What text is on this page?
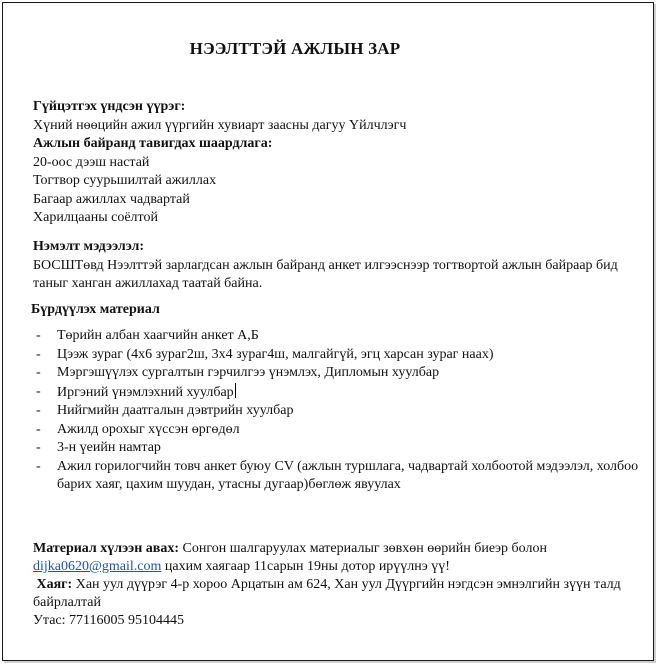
НЭЭЛТТЭЙ АЖЛЫН ЗАР
Гүйцэтгэх үндсэн үүрэг:
Хүний нөөцийн ажил үүргийн хувиарт заасны дагуу Үйлчлэгч
Ажлын байранд тавигдах шаардлага:
20-оос дээш настай
Тогтвор суурьшилтай ажиллах
Багаар ажиллах чадвартай
Харилцааны соёлтой
Нэмэлт мэдээлэл:
БОСШТөвд Нээлттэй зарлагдсан ажлын байранд анкет илгээснээр тогтвортой ажлын байраар бид таныг ханган ажиллахад таатай байна.
Бүрдүүлэх материал
- Төрийн албан хаагчийн анкет А,Б
- Цээж зураг (4х6 зураг2ш, 3х4 зураг4ш, малгайгүй, эгц харсан зураг наах)
- Мэргэшүүлэх сургалтын гэрчилгээ үнэмлэх, Дипломын хуулбар
- Иргэний үнэмлэхний хуулбар
- Нийгмийн даатгалын дэвтрийн хуулбар
- Ажилд орохыг хүссэн өргөдөл
- 3-н үеийн намтар
- Ажил горилогчийн товч анкет буюу CV (ажлын туршлага, чадвартай холбоотой мэдээлэл, холбоо барих хаяг, цахим шуудан, утасны дугаар)бөглөж явуулах
Материал хүлээн авах: Сонгон шалгаруулах материалыг зөвхөн өөрийн биеэр болон
dijka0620@gmail.com цахим хаягаар 11сарын 19ны дотор ирүүлнэ үү!
Хаяг: Хан уул дүүрэг 4-р хороо Арцатын ам 624, Хан уул Дүүргийн нэгдсэн эмнэлгийн зүүн талд байрлалтай
Утас: 77116005 95104445
